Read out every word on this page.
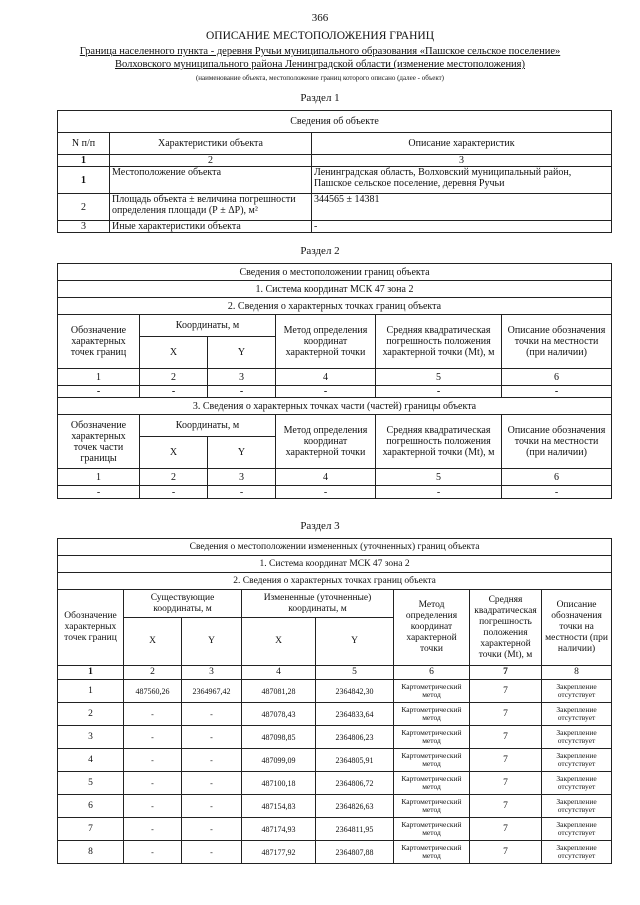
366
ОПИСАНИЕ МЕСТОПОЛОЖЕНИЯ ГРАНИЦ
Граница населенного пункта - деревня Ручьи муниципального образования «Пашское сельское поселение»
Волховского муниципального района Ленинградской области (изменение местоположения)
(наименование объекта, местоположение границ которого описано (далее - объект)
Раздел 1
Сведения об объекте		
N п/п	Характеристики объекта	Описание характеристик
1	2	3
1	Местоположение объекта	Ленинградская область, Волховский муниципальный район, Пашское сельское поселение, деревня Ручьи
2	Площадь объекта ± величина погрешности определения площади (Р ± ΔР), м²	344565 ± 14381
3	Иные характеристики объекта	-
Раздел 2
Сведения о местоположении границ объекта					
1. Система координат МСК 47 зона 2					
2. Сведения о характерных точках границ объекта					
Обозначение характерных точек границ	Координаты, м		Метод определения координат характерной точки	Средняя квадратическая погрешность положения характерной точки (Mt), м	Описание обозначения точки на местности (при наличии)
	X	Y			
1	2	3	4	5	6
-	-	-	-	-	-
3. Сведения о характерных точках части (частей) границы объекта					
Обозначение характерных точек части границы	Координаты, м		Метод определения координат характерной точки	Средняя квадратическая погрешность положения характерной точки (Mt), м	Описание обозначения точки на местности (при наличии)
	X	Y			
1	2	3	4	5	6
-	-	-	-	-	-
Раздел 3
Сведения о местоположении измененных (уточненных) границ объекта							
1. Система координат МСК 47 зона 2							
2. Сведения о характерных точках границ объекта							
Обозначение характерных точек границ	Существующие координаты, м		Измененные (уточненные) координаты, м		Метод определения координат характерной точки	Средняя квадратическая погрешность положения характерной точки (Mt), м	Описание обозначения точки на местности (при наличии)
	X	Y	X	Y			
1	2	3	4	5	6	7	8
1	487560,26	2364967,42	487081,28	2364842,30	Картометрический метод	7	Закрепление отсутствует
2	-	-	487078,43	2364833,64	Картометрический метод	7	Закрепление отсутствует
3	-	-	487098,85	2364806,23	Картометрический метод	7	Закрепление отсутствует
4	-	-	487099,09	2364805,91	Картометрический метод	7	Закрепление отсутствует
5	-	-	487100,18	2364806,72	Картометрический метод	7	Закрепление отсутствует
6	-	-	487154,83	2364826,63	Картометрический метод	7	Закрепление отсутствует
7	-	-	487174,93	2364811,95	Картометрический метод	7	Закрепление отсутствует
8	-	-	487177,92	2364807,88	Картометрический метод	7	Закрепление отсутствует
